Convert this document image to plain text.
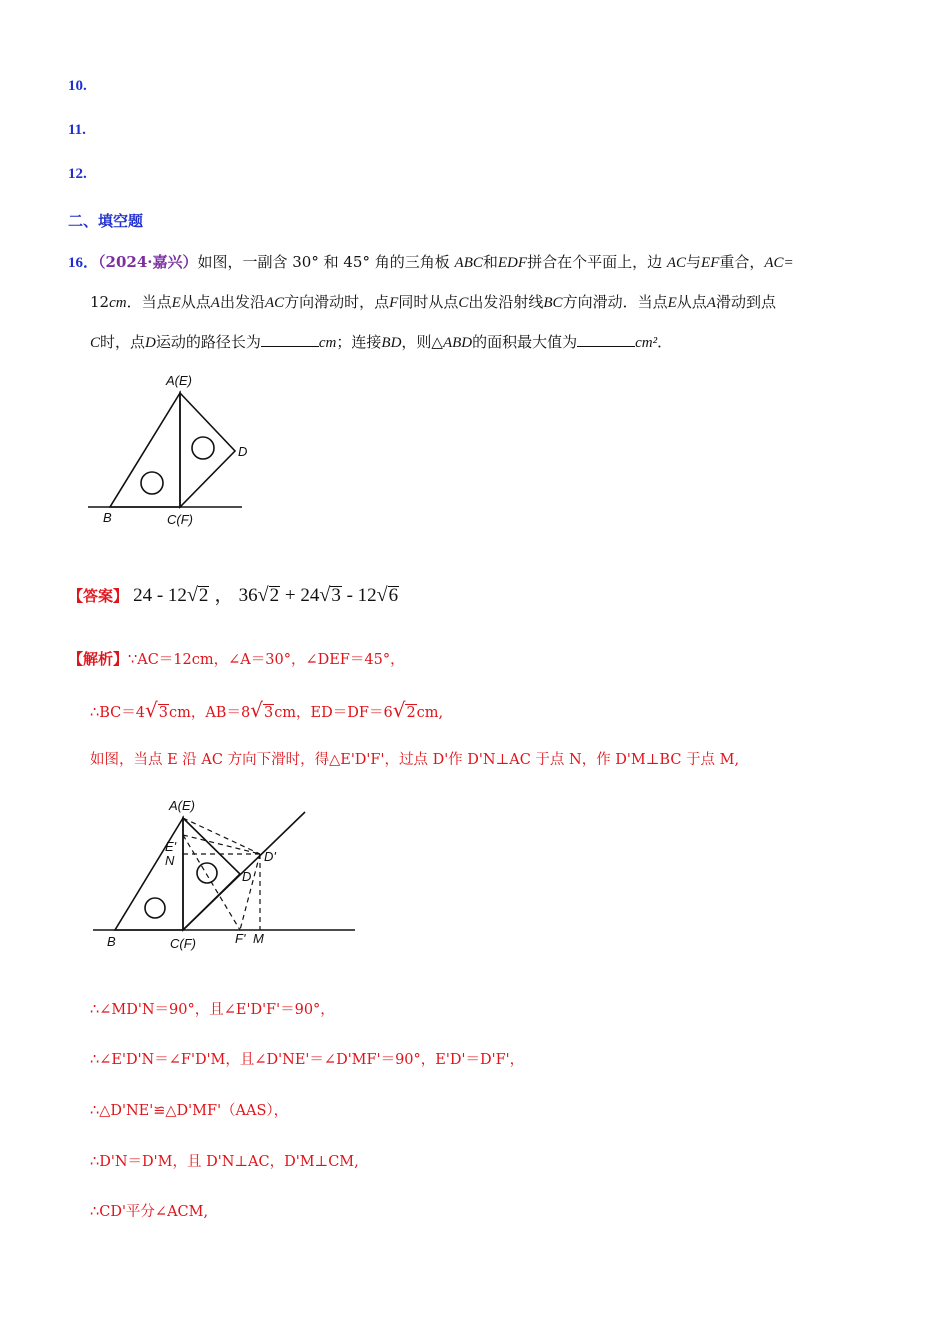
10.
11.
12.
二、填空题
16．（2024·嘉兴）如图，一副含 30° 和 45° 角的三角板 ABC和EDF拼合在个平面上，边 AC与EF重合，AC=
12cm．当点E从点A出发沿AC方向滑动时，点F同时从点C出发沿射线BC方向滑动．当点E从点A滑动到点
C时，点D运动的路径长为	cm；连接BD，则△ABD的面积最大值为	cm²．
A(E)
D
B	C(F)
【答案】 24 - 12√2 ， 36√2 + 24√3 - 12√6
【解析】∵AC＝12cm，∠A＝30°，∠DEF＝45°，
∴BC＝4√3cm，AB＝8√3cm，ED＝DF＝6√2cm,
如图，当点 E 沿 AC 方向下滑时，得△E'D'F'，过点 D'作 D'N⊥AC 于点 N，作 D'M⊥BC 于点 M,
A(E)
E'
N	D'
D
B	C(F)	F' M
∴∠MD'N＝90°，且∠E'D'F'＝90°，
∴∠E'D'N＝∠F'D'M，且∠D'NE'＝∠D'MF'＝90°，E'D'＝D'F'，
∴△D'NE'≌△D'MF'（AAS），
∴D'N＝D'M，且 D'N⊥AC，D'M⊥CM,
∴CD'平分∠ACM,
